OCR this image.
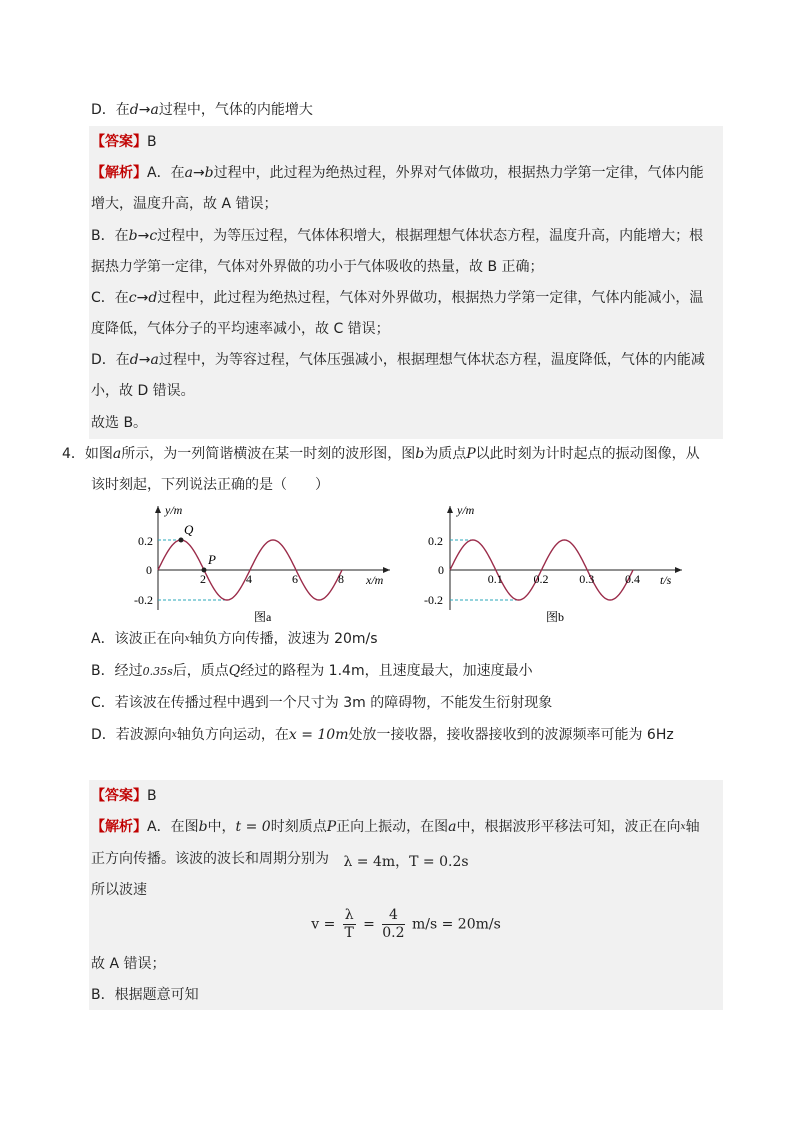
D．在d→a过程中，气体的内能增大
【答案】B
【解析】A．在a→b过程中，此过程为绝热过程，外界对气体做功，根据热力学第一定律，气体内能
增大，温度升高，故 A 错误；
B．在b→c过程中，为等压过程，气体体积增大，根据理想气体状态方程，温度升高，内能增大；根
据热力学第一定律，气体对外界做的功小于气体吸收的热量，故 B 正确；
C．在c→d过程中，此过程为绝热过程，气体对外界做功，根据热力学第一定律，气体内能减小，温
度降低，气体分子的平均速率减小，故 C 错误；
D．在d→a过程中，为等容过程，气体压强减小，根据理想气体状态方程，温度降低，气体的内能减
小，故 D 错误。
故选 B。
4．如图a所示，为一列简谐横波在某一时刻的波形图，图b为质点P以此时刻为计时起点的振动图像，从
该时刻起，下列说法正确的是（　　）
y/m
x/m
0.2
0
-0.2
2	4	6	8
Q
P
图a
y/m
t/s
0.2
0
-0.2
0.1	0.2	0.3	0.4
图b
A．该波正在向$^x$轴负方向传播，波速为 20m/s
B．经过0.35s后，质点Q经过的路程为 1.4m，且速度最大，加速度最小
C．若该波在传播过程中遇到一个尺寸为 3m 的障碍物，不能发生衍射现象
D．若波源向$^x$轴负方向运动，在x = 10m处放一接收器，接收器接收到的波源频率可能为 6Hz
【答案】B
【解析】A．在图b中，t = 0时刻质点P正向上振动，在图a中，根据波形平移法可知，波正在向$^x$轴
正方向传播。该波的波长和周期分别为	λ = 4m，T = 0.2s
所以波速
$v = \frac{\lambda}{T} = \frac{4}{0.2} m/s = 20m/s$
故 A 错误；
B．根据题意可知
